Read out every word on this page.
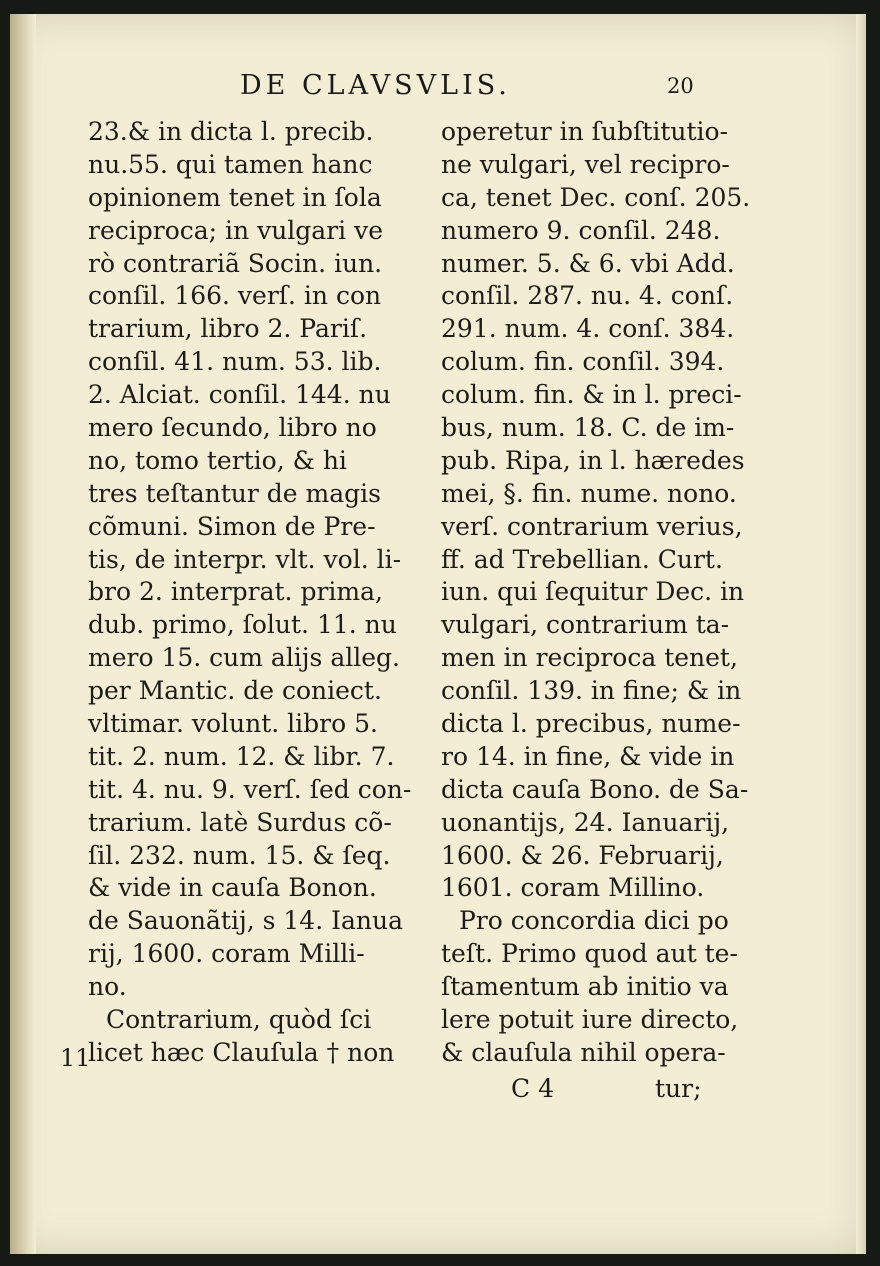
DE CLAVSVLIS.	20
23.& in dicta l. precib.
nu.55. qui tamen hanc
opinionem tenet in ſola
reciproca; in vulgari ve
rò contrariã Socin. iun.
conſil. 166. verſ. in con
trarium, libro 2. Pariſ.
conſil. 41. num. 53. lib.
2. Alciat. conſil. 144. nu
mero ſecundo, libro no
no, tomo tertio, & hi
tres teſtantur de magis
cõmuni. Simon de Pre-
tis, de interpr. vlt. vol. li-
bro 2. interprat. prima,
dub. primo, ſolut. 11. nu
mero 15. cum alijs alleg.
per Mantic. de coniect.
vltimar. volunt. libro 5.
tit. 2. num. 12. & libr. 7.
tit. 4. nu. 9. verſ. ſed con-
trarium. latè Surdus cõ-
ſil. 232. num. 15. & ſeq.
& vide in cauſa Bonon.
de Sauonãtij, s 14. Ianua
rij, 1600. coram Milli-
no.
Contrarium, quòd ſci
licet hæc Clauſula † non
operetur in ſubſtitutio-
ne vulgari, vel recipro-
ca, tenet Dec. conſ. 205.
numero 9. conſil. 248.
numer. 5. & 6. vbi Add.
conſil. 287. nu. 4. conſ.
291. num. 4. conſ. 384.
colum. fin. conſil. 394.
colum. fin. & in l. preci-
bus, num. 18. C. de im-
pub. Ripa, in l. hæredes
mei, §. fin. nume. nono.
verſ. contrarium verius,
ff. ad Trebellian. Curt.
iun. qui ſequitur Dec. in
vulgari, contrarium ta-
men in reciproca tenet,
conſil. 139. in fine; & in
dicta l. precibus, nume-
ro 14. in fine, & vide in
dicta cauſa Bono. de Sa-
uonantijs, 24. Ianuarij,
1600. & 26. Februarij,
1601. coram Millino.
Pro concordia dici po
teſt. Primo quod aut te-
ſtamentum ab initio va
lere potuit iure directo,
& clauſula nihil opera-
11
C 4	tur;
